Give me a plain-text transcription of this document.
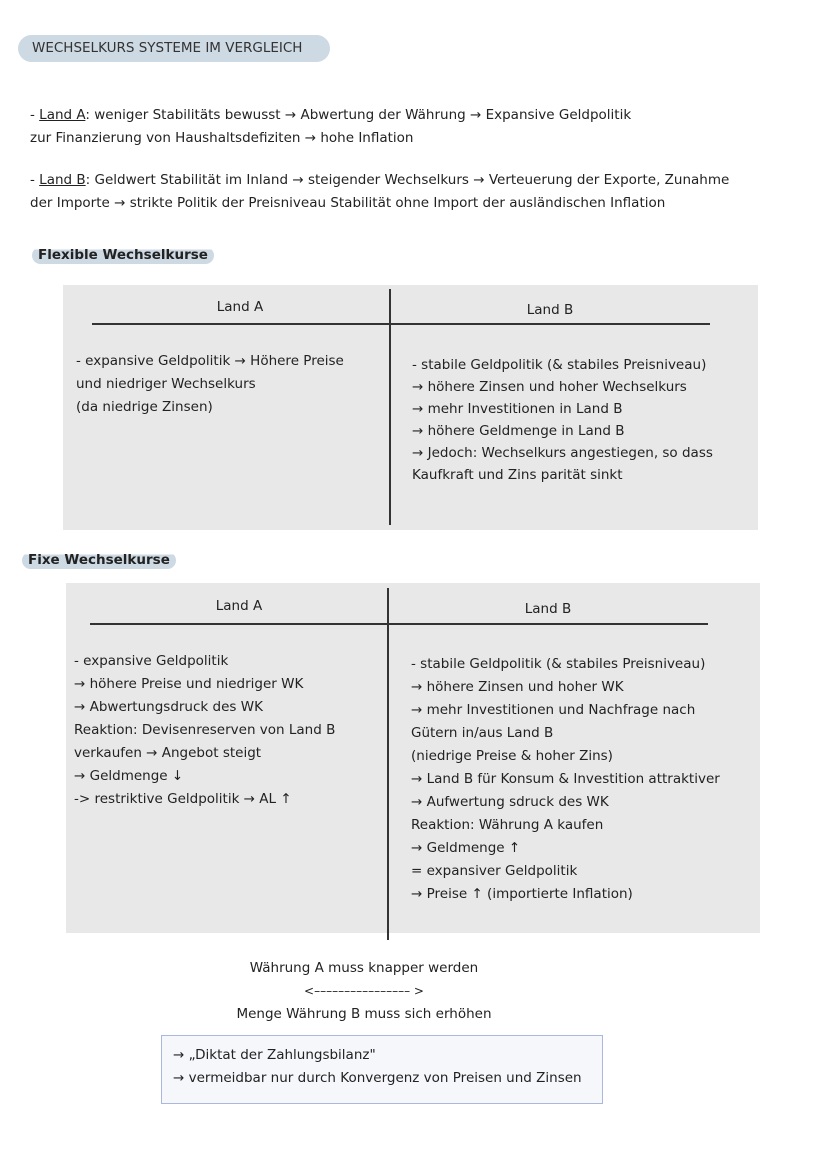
WECHSELKURS SYSTEME IM VERGLEICH
- Land A: weniger Stabilitäts bewusst → Abwertung der Währung → Expansive Geldpolitik
zur Finanzierung von Haushaltsdefiziten → hohe Inflation
- Land B: Geldwert Stabilität im Inland → steigender Wechselkurs → Verteuerung der Exporte, Zunahme
der Importe → strikte Politik der Preisniveau Stabilität ohne Import der ausländischen Inflation
Flexible Wechselkurse
Land A	Land B
- expansive Geldpolitik → Höhere Preise
und niedriger Wechselkurs
(da niedrige Zinsen)
- stabile Geldpolitik (& stabiles Preisniveau)
→ höhere Zinsen und hoher Wechselkurs
→ mehr Investitionen in Land B
→ höhere Geldmenge in Land B
→ Jedoch: Wechselkurs angestiegen, so dass
Kaufkraft und Zins parität sinkt
Fixe Wechselkurse
Land A	Land B
- expansive Geldpolitik
→ höhere Preise und niedriger WK
→ Abwertungsdruck des WK
Reaktion: Devisenreserven von Land B
verkaufen → Angebot steigt
→ Geldmenge ↓
-> restriktive Geldpolitik → AL ↑
- stabile Geldpolitik (& stabiles Preisniveau)
→ höhere Zinsen und hoher WK
→ mehr Investitionen und Nachfrage nach
Gütern in/aus Land B
(niedrige Preise & hoher Zins)
→ Land B für Konsum & Investition attraktiver
→ Aufwertung sdruck des WK
Reaktion: Währung A kaufen
→ Geldmenge ↑
= expansiver Geldpolitik
→ Preise ↑ (importierte Inflation)
Währung A muss knapper werden
<–––––––––––––––– >
Menge Währung B muss sich erhöhen
→ „Diktat der Zahlungsbilanz"
→ vermeidbar nur durch Konvergenz von Preisen und Zinsen
